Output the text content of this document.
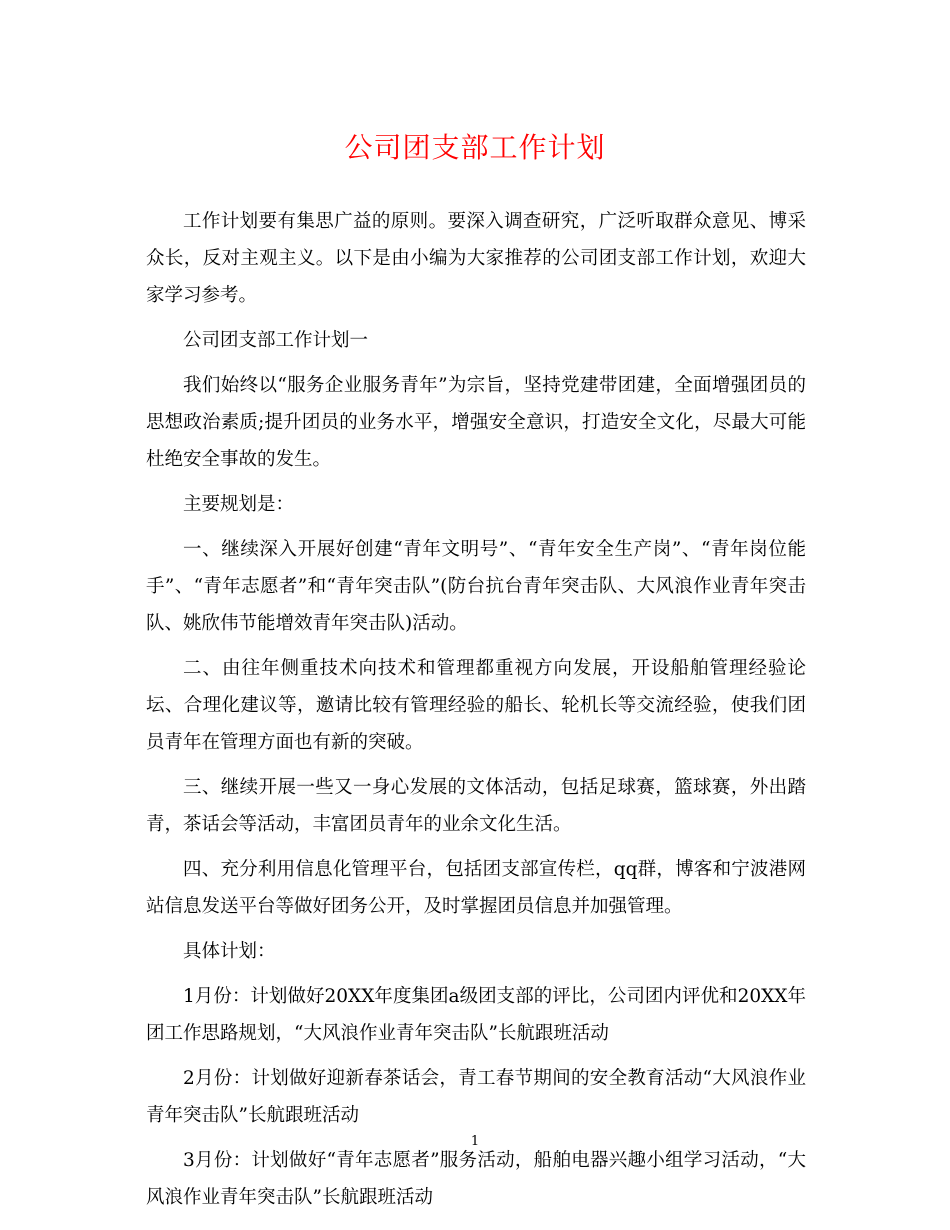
公司团支部工作计划

工作计划要有集思广益的原则。要深入调查研究，广泛听取群众意见、博采众长，反对主观主义。以下是由小编为大家推荐的公司团支部工作计划，欢迎大家学习参考。

公司团支部工作计划一

我们始终以“服务企业服务青年”为宗旨，坚持党建带团建，全面增强团员的思想政治素质;提升团员的业务水平，增强安全意识，打造安全文化，尽最大可能杜绝安全事故的发生。

主要规划是：

一、继续深入开展好创建“青年文明号”、“青年安全生产岗”、“青年岗位能手”、“青年志愿者”和“青年突击队”(防台抗台青年突击队、大风浪作业青年突击队、姚欣伟节能增效青年突击队)活动。

二、由往年侧重技术向技术和管理都重视方向发展，开设船舶管理经验论坛、合理化建议等，邀请比较有管理经验的船长、轮机长等交流经验，使我们团员青年在管理方面也有新的突破。

三、继续开展一些又一身心发展的文体活动，包括足球赛，篮球赛，外出踏青，茶话会等活动，丰富团员青年的业余文化生活。

四、充分利用信息化管理平台，包括团支部宣传栏，qq群，博客和宁波港网站信息发送平台等做好团务公开，及时掌握团员信息并加强管理。

具体计划：

1月份：计划做好20XX年度集团a级团支部的评比，公司团内评优和20XX年团工作思路规划，“大风浪作业青年突击队”长航跟班活动

2月份：计划做好迎新春茶话会，青工春节期间的安全教育活动“大风浪作业青年突击队”长航跟班活动

3月份：计划做好“青年志愿者”服务活动，船舶电器兴趣小组学习活动，“大风浪作业青年突击队”长航跟班活动

1
